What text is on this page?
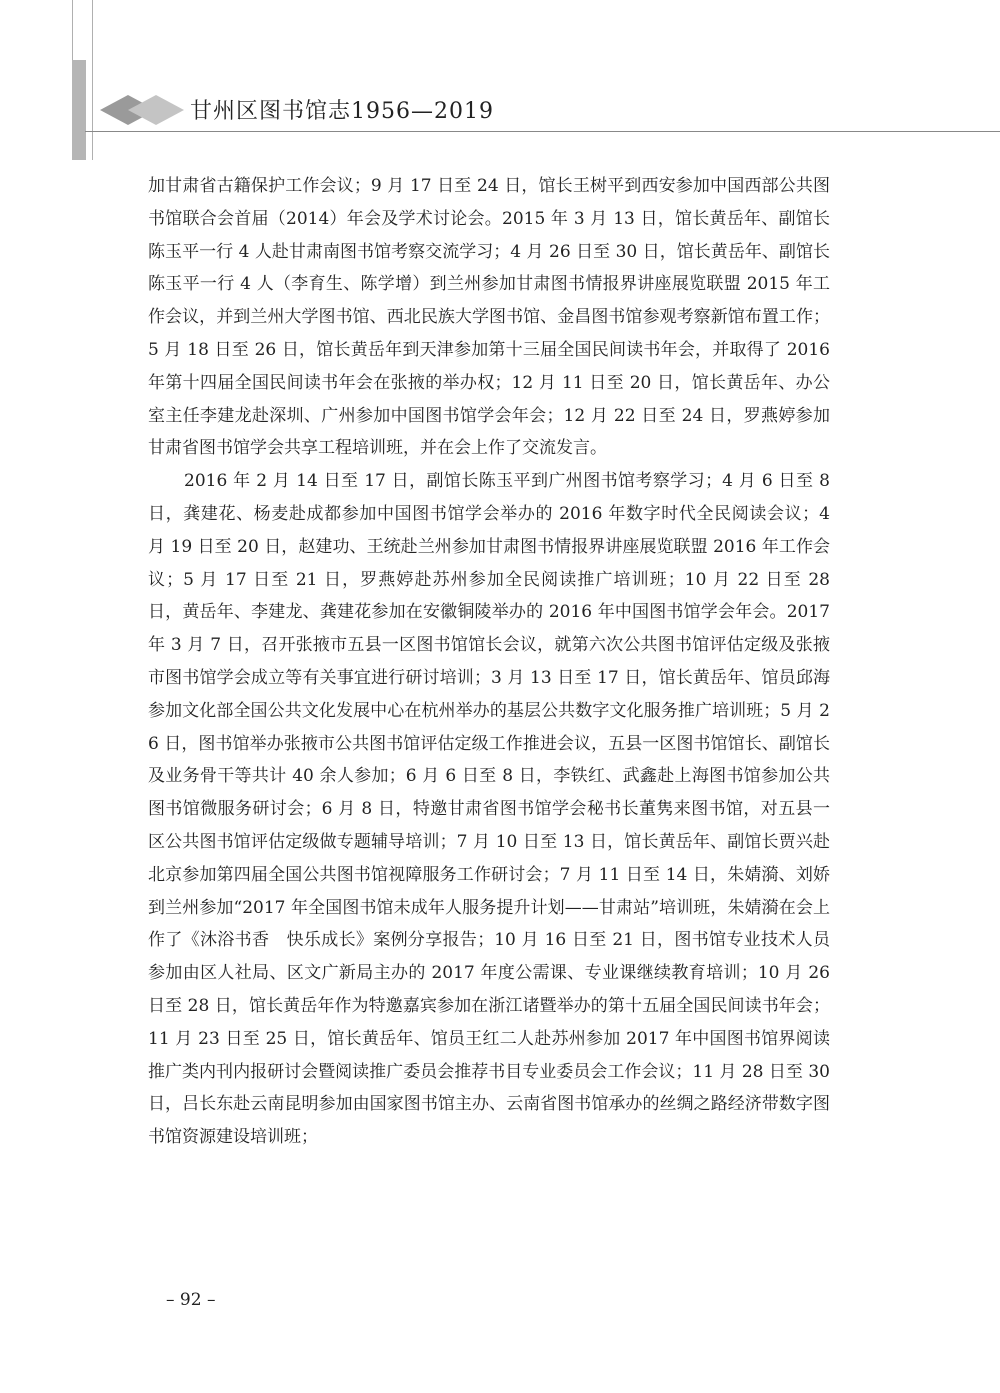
甘州区图书馆志1956—2019

加甘肃省古籍保护工作会议；9 月 17 日至 24 日，馆长王树平到西安参加中国西部公共图书馆联合会首届（2014）年会及学术讨论会。2015 年 3 月 13 日，馆长黄岳年、副馆长陈玉平一行 4 人赴甘肃南图书馆考察交流学习；4 月 26 日至 30 日，馆长黄岳年、副馆长陈玉平一行 4 人（李育生、陈学增）到兰州参加甘肃图书情报界讲座展览联盟 2015 年工作会议，并到兰州大学图书馆、西北民族大学图书馆、金昌图书馆参观考察新馆布置工作；5 月 18 日至 26 日，馆长黄岳年到天津参加第十三届全国民间读书年会，并取得了 2016 年第十四届全国民间读书年会在张掖的举办权；12 月 11 日至 20 日，馆长黄岳年、办公室主任李建龙赴深圳、广州参加中国图书馆学会年会；12 月 22 日至 24 日，罗燕婷参加甘肃省图书馆学会共享工程培训班，并在会上作了交流发言。

2016 年 2 月 14 日至 17 日，副馆长陈玉平到广州图书馆考察学习；4 月 6 日至 8 日，龚建花、杨麦赴成都参加中国图书馆学会举办的 2016 年数字时代全民阅读会议；4 月 19 日至 20 日，赵建功、王统赴兰州参加甘肃图书情报界讲座展览联盟 2016 年工作会议；5 月 17 日至 21 日，罗燕婷赴苏州参加全民阅读推广培训班；10 月 22 日至 28 日，黄岳年、李建龙、龚建花参加在安徽铜陵举办的 2016 年中国图书馆学会年会。2017 年 3 月 7 日，召开张掖市五县一区图书馆馆长会议，就第六次公共图书馆评估定级及张掖市图书馆学会成立等有关事宜进行研讨培训；3 月 13 日至 17 日，馆长黄岳年、馆员邱海参加文化部全国公共文化发展中心在杭州举办的基层公共数字文化服务推广培训班；5 月 26 日，图书馆举办张掖市公共图书馆评估定级工作推进会议，五县一区图书馆馆长、副馆长及业务骨干等共计 40 余人参加；6 月 6 日至 8 日，李铁红、武鑫赴上海图书馆参加公共图书馆微服务研讨会；6 月 8 日，特邀甘肃省图书馆学会秘书长董隽来图书馆，对五县一区公共图书馆评估定级做专题辅导培训；7 月 10 日至 13 日，馆长黄岳年、副馆长贾兴赴北京参加第四届全国公共图书馆视障服务工作研讨会；7 月 11 日至 14 日，朱婧漪、刘娇到兰州参加“2017 年全国图书馆未成年人服务提升计划——甘肃站”培训班，朱婧漪在会上作了《沐浴书香　快乐成长》案例分享报告；10 月 16 日至 21 日，图书馆专业技术人员参加由区人社局、区文广新局主办的 2017 年度公需课、专业课继续教育培训；10 月 26 日至 28 日，馆长黄岳年作为特邀嘉宾参加在浙江诸暨举办的第十五届全国民间读书年会；11 月 23 日至 25 日，馆长黄岳年、馆员王红二人赴苏州参加 2017 年中国图书馆界阅读推广类内刊内报研讨会暨阅读推广委员会推荐书目专业委员会工作会议；11 月 28 日至 30 日，吕长东赴云南昆明参加由国家图书馆主办、云南省图书馆承办的丝绸之路经济带数字图书馆资源建设培训班；

– 92 –
